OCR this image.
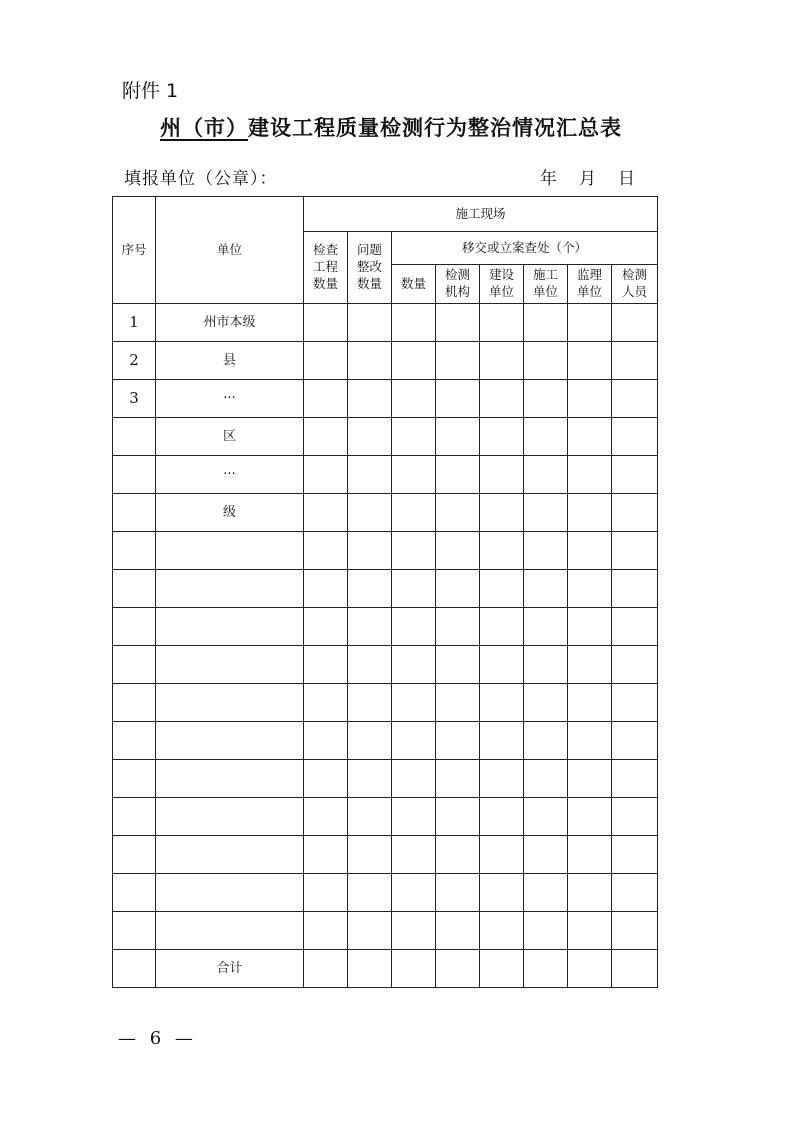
附件 1
州（市）建设工程质量检测行为整治情况汇总表
填报单位（公章）：	年 月 日
序号	单位	施工现场							
		检查工程数量	问题整改数量	移交或立案查处（个）					
				数量	检测机构	建设单位	施工单位	监理单位	检测人员
1	州市本级								
2	县								
3	···								
	区								
	···								
	级								

	合计								
— 6 —
